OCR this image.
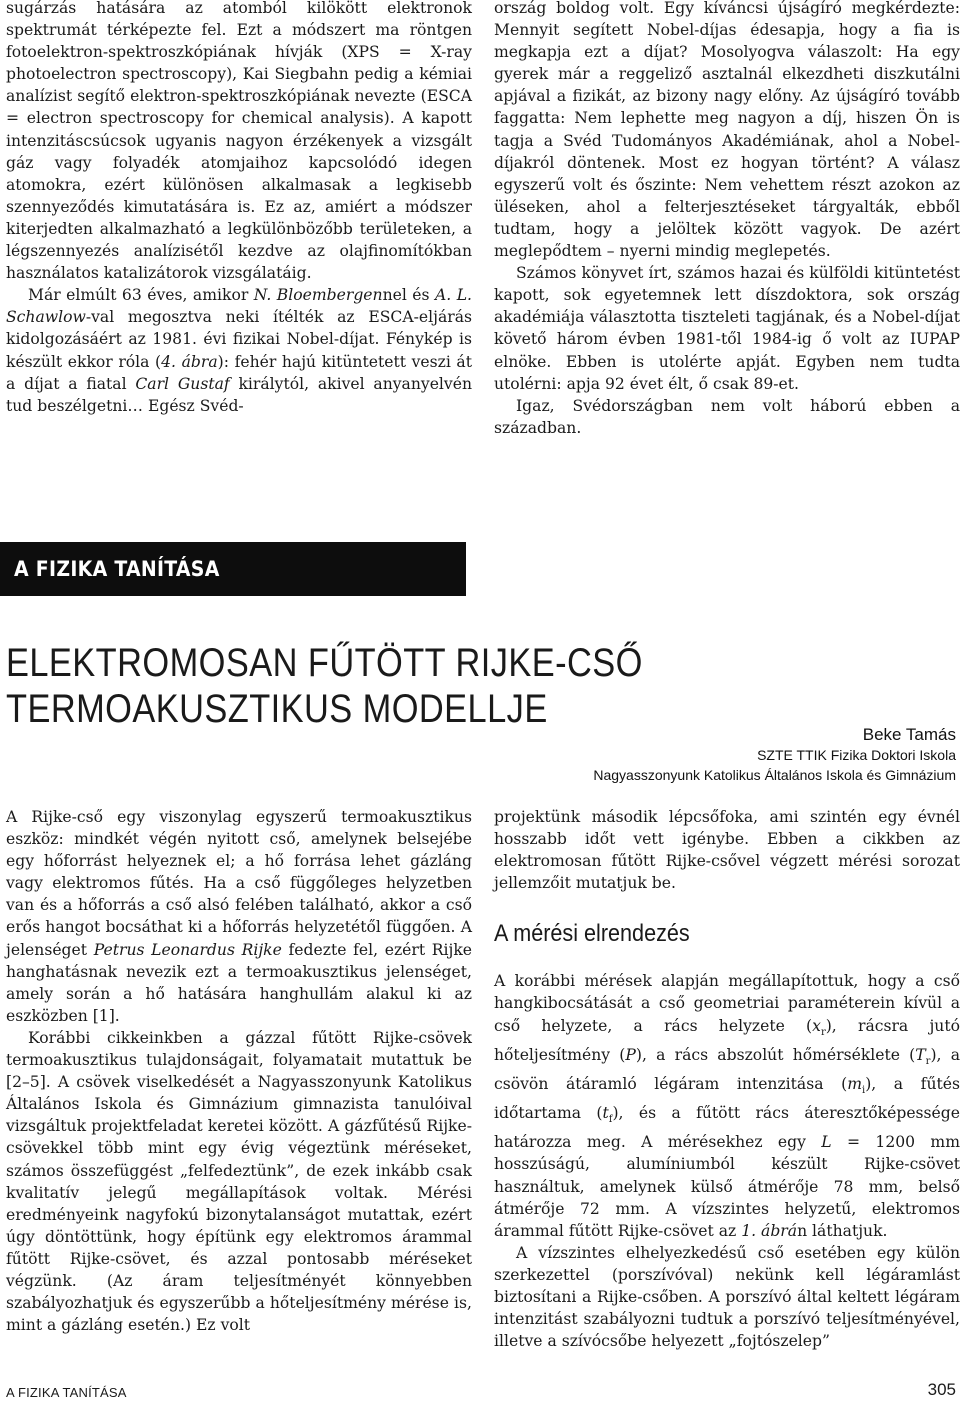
sugárzás hatására az atomból kilökött elektronok spektrumát térképezte fel. Ezt a módszert ma röntgen fotoelektron-spektroszkópiának hívják (XPS = X-ray photoelectron spectroscopy), Kai Siegbahn pedig a kémiai analízist segítő elektron-spektroszkópiának nevezte (ESCA = electron spectroscopy for chemical analysis). A kapott intenzitáscsúcsok ugyanis nagyon érzékenyek a vizsgált gáz vagy folyadék atomjaihoz kapcsolódó idegen atomokra, ezért különösen alkalmasak a legkisebb szennyeződés kimutatására is. Ez az, amiért a módszer kiterjedten alkalmazható a legkülönbözőbb területeken, a légszennyezés analízisétől kezdve az olajfinomítókban használatos katalizátorok vizsgálatáig.

Már elmúlt 63 éves, amikor N. Bloembergennel és A. L. Schawlow-val megosztva neki ítélték az ESCA-eljárás kidolgozásáért az 1981. évi fizikai Nobel-díjat. Fénykép is készült ekkor róla (4. ábra): fehér hajú kitüntetett veszi át a díjat a fiatal Carl Gustaf királytól, akivel anyanyelvén tud beszélgetni… Egész Svéd-

ország boldog volt. Egy kíváncsi újságíró megkérdezte: Mennyit segített Nobel-díjas édesapja, hogy a fia is megkapja ezt a díjat? Mosolyogva válaszolt: Ha egy gyerek már a reggeliző asztalnál elkezdheti diszkutálni apjával a fizikát, az bizony nagy előny. Az újságíró tovább faggatta: Nem lephette meg nagyon a díj, hiszen Ön is tagja a Svéd Tudományos Akadémiának, ahol a Nobel-díjakról döntenek. Most ez hogyan történt? A válasz egyszerű volt és őszinte: Nem vehettem részt azokon az üléseken, ahol a felterjesztéseket tárgyalták, ebből tudtam, hogy a jelöltek között vagyok. De azért meglepődtem – nyerni mindig meglepetés.

Számos könyvet írt, számos hazai és külföldi kitüntetést kapott, sok egyetemnek lett díszdoktora, sok ország akadémiája választotta tiszteleti tagjának, és a Nobel-díjat követő három évben 1981-től 1984-ig ő volt az IUPAP elnöke. Ebben is utolérte apját. Egyben nem tudta utolérni: apja 92 évet élt, ő csak 89-et.

Igaz, Svédországban nem volt háború ebben a században.

A FIZIKA TANÍTÁSA
ELEKTROMOSAN FŰTÖTT RIJKE-CSŐ
TERMOAKUSZTIKUS MODELLJE
Beke Tamás
SZTE TTIK Fizika Doktori Iskola
Nagyasszonyunk Katolikus Általános Iskola és Gimnázium

A Rijke-cső egy viszonylag egyszerű termoakusztikus eszköz: mindkét végén nyitott cső, amelynek belsejébe egy hőforrást helyeznek el; a hő forrása lehet gázláng vagy elektromos fűtés. Ha a cső függőleges helyzetben van és a hőforrás a cső alsó felében található, akkor a cső erős hangot bocsáthat ki a hőforrás helyzetétől függően. A jelenséget Petrus Leonardus Rijke fedezte fel, ezért Rijke hanghatásnak nevezik ezt a termoakusztikus jelenséget, amely során a hő hatására hanghullám alakul ki az eszközben [1].

Korábbi cikkeinkben a gázzal fűtött Rijke-csövek termoakusztikus tulajdonságait, folyamatait mutattuk be [2–5]. A csövek viselkedését a Nagyasszonyunk Katolikus Általános Iskola és Gimnázium gimnazista tanulóival vizsgáltuk projektfeladat keretei között. A gázfűtésű Rijke-csövekkel több mint egy évig végeztünk méréseket, számos összefüggést „felfedeztünk”, de ezek inkább csak kvalitatív jelegű megállapítások voltak. Mérési eredményeink nagyfokú bizonytalanságot mutattak, ezért úgy döntöttünk, hogy építünk egy elektromos árammal fűtött Rijke-csövet, és azzal pontosabb méréseket végzünk. (Az áram teljesítményét könnyebben szabályozhatjuk és egyszerűbb a hőteljesítmény mérése is, mint a gázláng esetén.) Ez volt

projektünk második lépcsőfoka, ami szintén egy évnél hosszabb időt vett igénybe. Ebben a cikkben az elektromosan fűtött Rijke-csővel végzett mérési sorozat jellemzőit mutatjuk be.

A mérési elrendezés

A korábbi mérések alapján megállapítottuk, hogy a cső hangkibocsátását a cső geometriai paraméterein kívül a cső helyzete, a rács helyzete $(x_r)$, rácsra jutó hőteljesítmény (P), a rács abszolút hőmérséklete $(T_r)$, a csövön átáramló légáram intenzitása $(m_i)$, a fűtés időtartama $(t_f)$, és a fűtött rács áteresztőképessége határozza meg. A mérésekhez egy L = 1200 mm hosszúságú, alumíniumból készült Rijke-csövet használtuk, amelynek külső átmérője 78 mm, belső átmérője 72 mm. A vízszintes helyzetű, elektromos árammal fűtött Rijke-csövet az 1. ábrán láthatjuk.

A vízszintes elhelyezkedésű cső esetében egy külön szerkezettel (porszívóval) nekünk kell légáramlást biztosítani a Rijke-csőben. A porszívó által keltett légáram intenzitást szabályozni tudtuk a porszívó teljesítményével, illetve a szívócsőbe helyezett „fojtószelep”

A FIZIKA TANÍTÁSA	305
